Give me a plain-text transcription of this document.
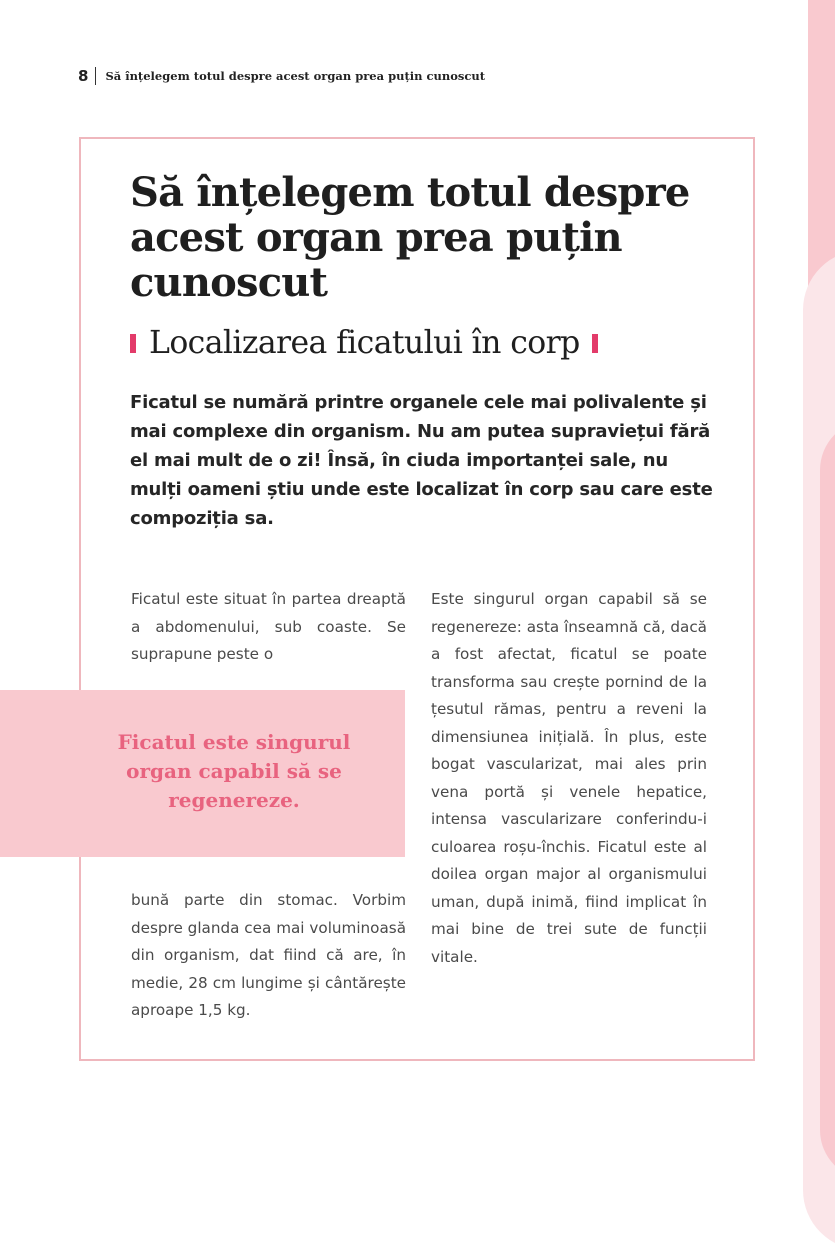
8	Să înțelegem totul despre acest organ prea puțin cunoscut
Să înțelegem totul despre acest organ prea puțin cunoscut
Localizarea ficatului în corp

Ficatul se numără printre organele cele mai polivalente și mai complexe din organism. Nu am putea supraviețui fără el mai mult de o zi! Însă, în ciuda importanței sale, nu mulți oameni știu unde este localizat în corp sau care este compoziția sa.

Ficatul este situat în partea dreaptă a abdomenului, sub coaste. Se suprapune peste o

Ficatul este singurul organ capabil să se regenereze.

bună parte din stomac. Vorbim despre glanda cea mai voluminoasă din organism, dat fiind că are, în medie, 28 cm lungime și cântărește aproape 1,5 kg.

Este singurul organ capabil să se regenereze: asta înseamnă că, dacă a fost afectat, ficatul se poate transforma sau crește pornind de la țesutul rămas, pentru a reveni la dimensiunea inițială. În plus, este bogat vascularizat, mai ales prin vena portă și venele hepatice, intensa vascularizare conferindu-i culoarea roșu-închis. Ficatul este al doilea organ major al organismului uman, după inimă, fiind implicat în mai bine de trei sute de funcții vitale.
